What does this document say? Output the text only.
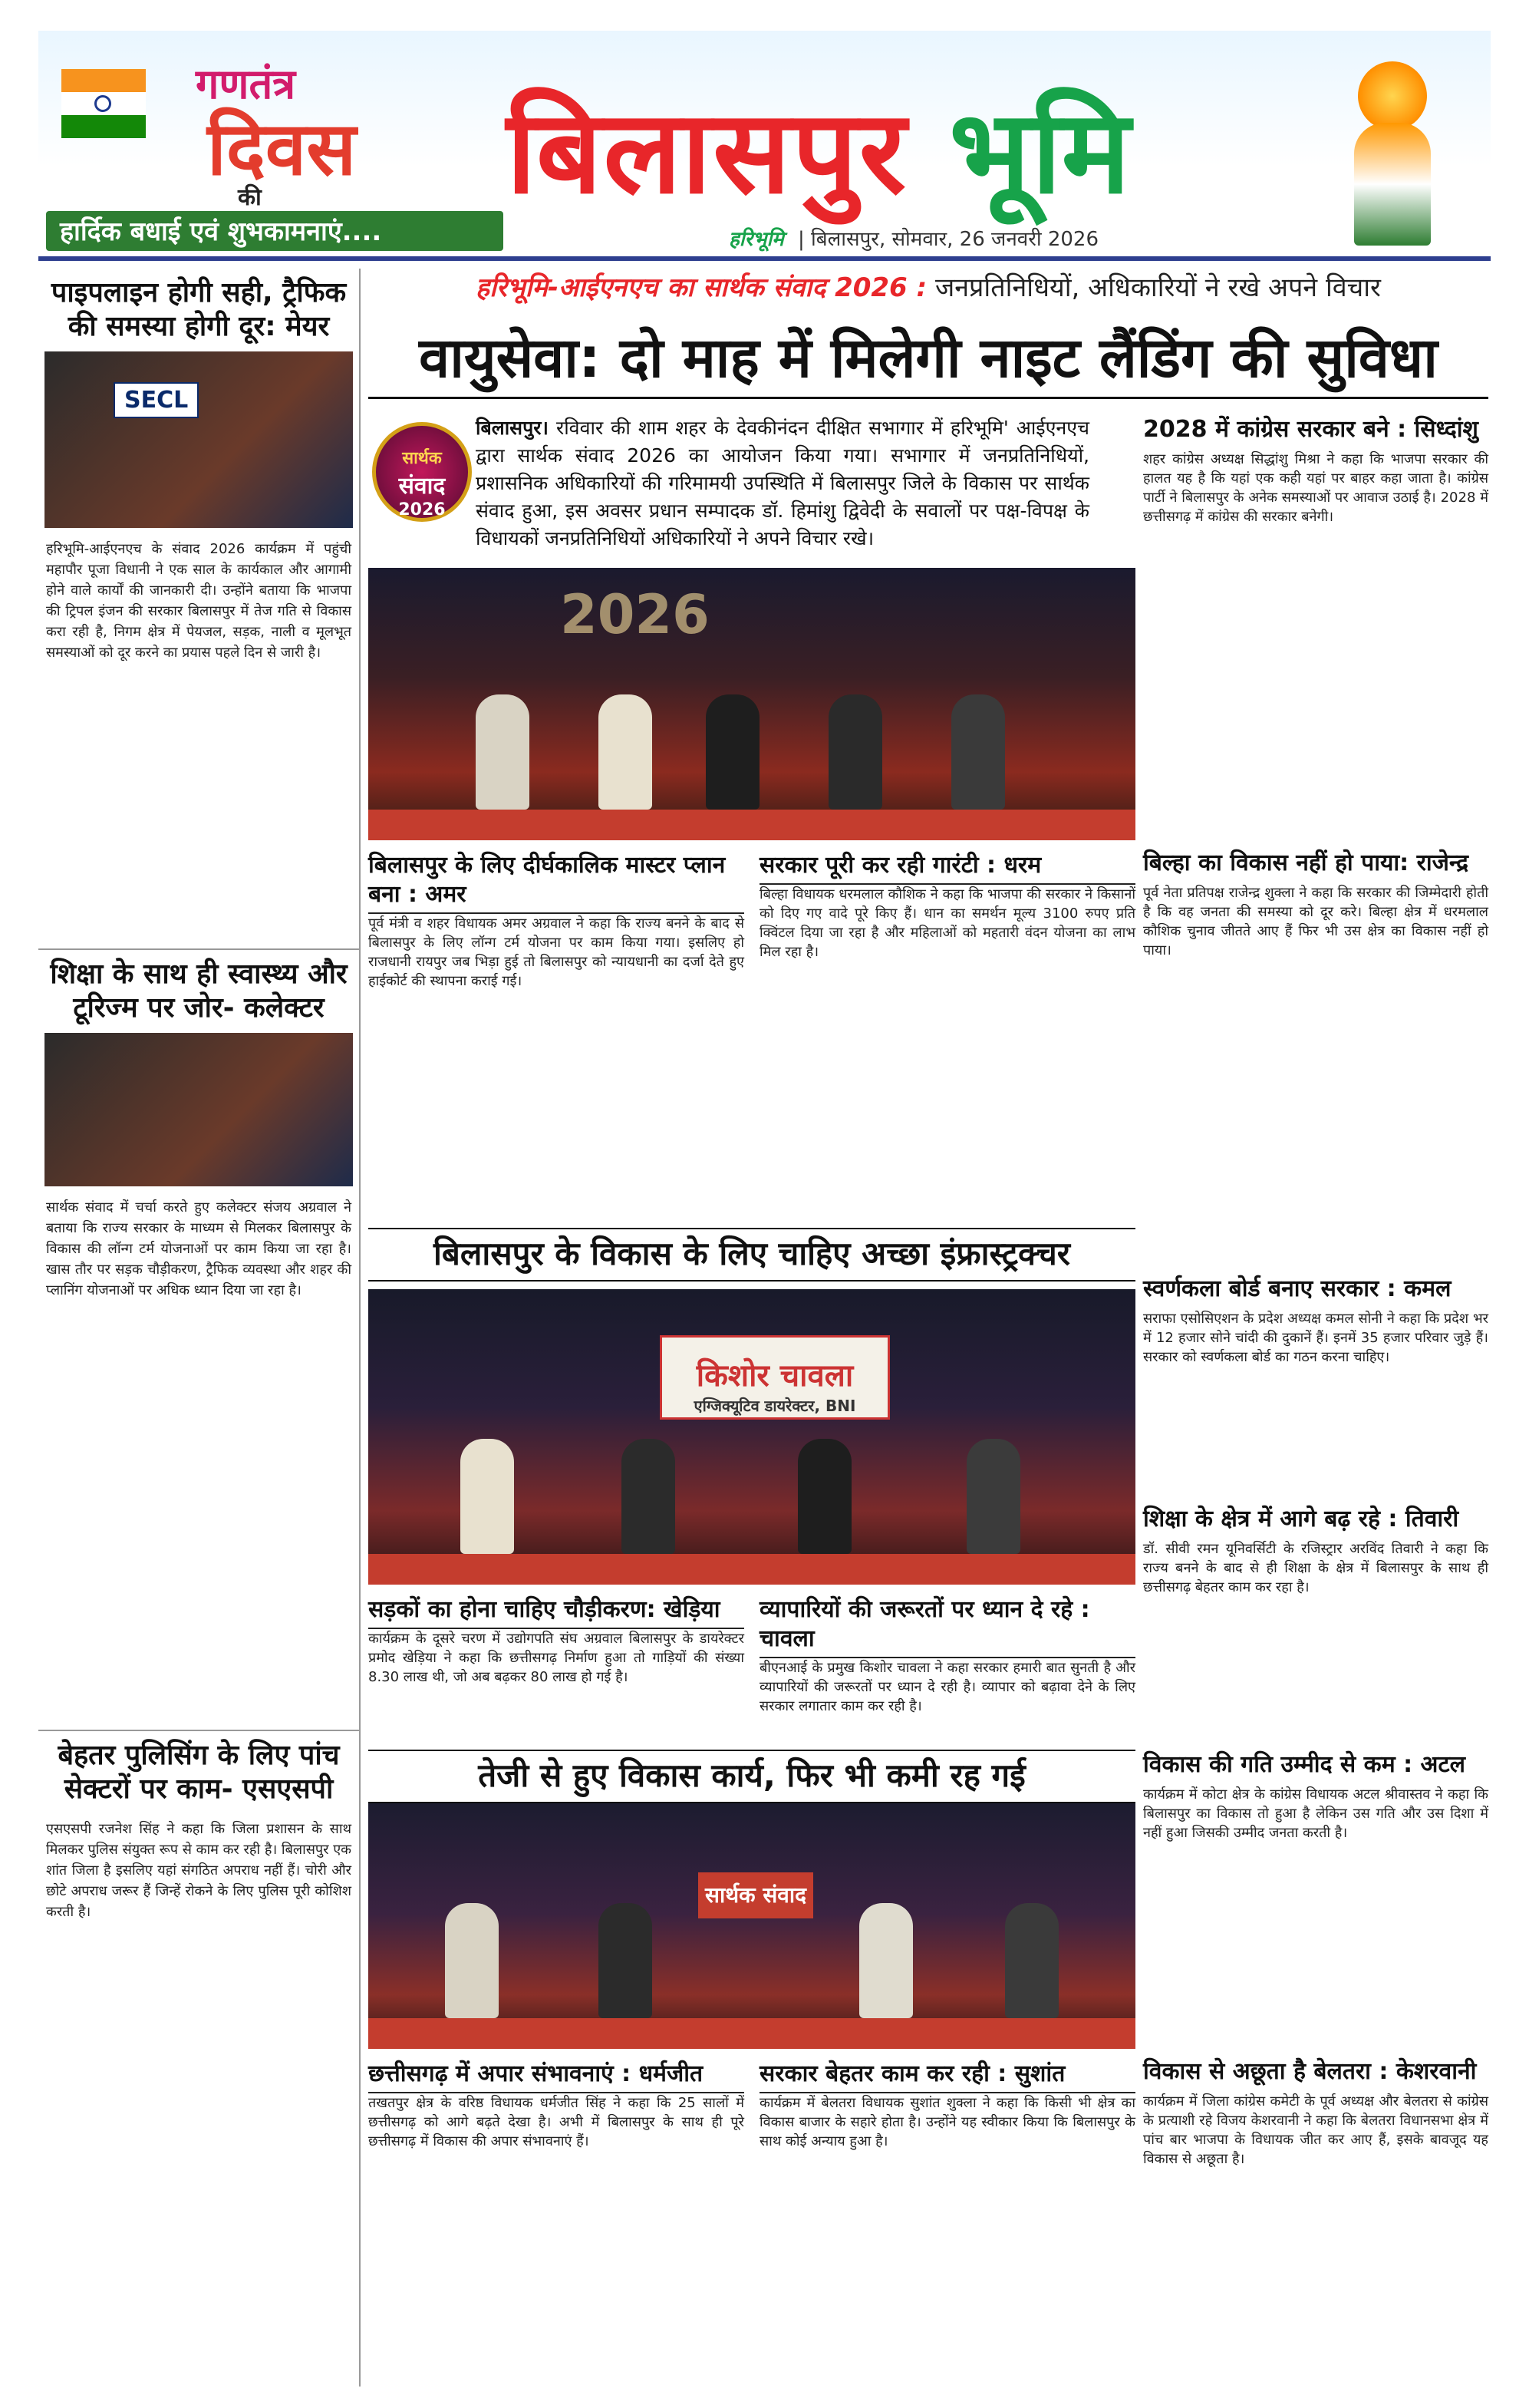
गणतंत्र
दिवस
की
हार्दिक बधाई एवं शुभकामनाएं....
बिलासपुर भूमि
हरिभूमि | बिलासपुर, सोमवार, 26 जनवरी 2026
पाइपलाइन होगी सही, ट्रैफिक की समस्या होगी दूर: मेयर
SECL
हरिभूमि-आईएनएच के संवाद 2026 कार्यक्रम में पहुंची महापौर पूजा विधानी ने एक साल के कार्यकाल और आगामी होने वाले कार्यों की जानकारी दी। उन्होंने बताया कि भाजपा की ट्रिपल इंजन की सरकार बिलासपुर में तेज गति से विकास करा रही है, निगम क्षेत्र में पेयजल, सड़क, नाली व मूलभूत समस्याओं को दूर करने का प्रयास पहले दिन से जारी है।
शिक्षा के साथ ही स्वास्थ्य और टूरिज्म पर जोर- कलेक्टर
सार्थक संवाद में चर्चा करते हुए कलेक्टर संजय अग्रवाल ने बताया कि राज्य सरकार के माध्यम से मिलकर बिलासपुर के विकास की लॉन्ग टर्म योजनाओं पर काम किया जा रहा है। खास तौर पर सड़क चौड़ीकरण, ट्रैफिक व्यवस्था और शहर की प्लानिंग योजनाओं पर अधिक ध्यान दिया जा रहा है।
बेहतर पुलिसिंग के लिए पांच सेक्टरों पर काम- एसएसपी
एसएसपी रजनेश सिंह ने कहा कि जिला प्रशासन के साथ मिलकर पुलिस संयुक्त रूप से काम कर रही है। बिलासपुर एक शांत जिला है इसलिए यहां संगठित अपराध नहीं हैं। चोरी और छोटे अपराध जरूर हैं जिन्हें रोकने के लिए पुलिस पूरी कोशिश करती है।
हरिभूमि-आईएनएच का सार्थक संवाद 2026 : जनप्रतिनिधियों, अधिकारियों ने रखे अपने विचार
वायुसेवा: दो माह में मिलेगी नाइट लैंडिंग की सुविधा
सार्थक
संवाद
2026
बिलासपुर। रविवार की शाम शहर के देवकीनंदन दीक्षित सभागार में हरिभूमि' आईएनएच द्वारा सार्थक संवाद 2026 का आयोजन किया गया। सभागार में जनप्रतिनिधियों, प्रशासनिक अधिकारियों की गरिमामयी उपस्थिति में बिलासपुर जिले के विकास पर सार्थक संवाद हुआ, इस अवसर प्रधान सम्पादक डॉ. हिमांशु द्विवेदी के सवालों पर पक्ष-विपक्ष के विधायकों जनप्रतिनिधियों अधिकारियों ने अपने विचार रखे।
2026
2028 में कांग्रेस सरकार बने : सिध्दांशु
शहर कांग्रेस अध्यक्ष सिद्धांशु मिश्रा ने कहा कि भाजपा सरकार की हालत यह है कि यहां एक कही यहां पर बाहर कहा जाता है। कांग्रेस पार्टी ने बिलासपुर के अनेक समस्याओं पर आवाज उठाई है। 2028 में छत्तीसगढ़ में कांग्रेस की सरकार बनेगी।
बिल्हा का विकास नहीं हो पाया: राजेन्द्र
पूर्व नेता प्रतिपक्ष राजेन्द्र शुक्ला ने कहा कि सरकार की जिम्मेदारी होती है कि वह जनता की समस्या को दूर करे। बिल्हा क्षेत्र में धरमलाल कौशिक चुनाव जीतते आए हैं फिर भी उस क्षेत्र का विकास नहीं हो पाया।
स्वर्णकला बोर्ड बनाए सरकार : कमल
सराफा एसोसिएशन के प्रदेश अध्यक्ष कमल सोनी ने कहा कि प्रदेश भर में 12 हजार सोने चांदी की दुकानें हैं। इनमें 35 हजार परिवार जुड़े हैं। सरकार को स्वर्णकला बोर्ड का गठन करना चाहिए।
शिक्षा के क्षेत्र में आगे बढ़ रहे : तिवारी
डॉ. सीवी रमन यूनिवर्सिटी के रजिस्ट्रार अरविंद तिवारी ने कहा कि राज्य बनने के बाद से ही शिक्षा के क्षेत्र में बिलासपुर के साथ ही छत्तीसगढ़ बेहतर काम कर रहा है।
विकास की गति उम्मीद से कम : अटल
कार्यक्रम में कोटा क्षेत्र के कांग्रेस विधायक अटल श्रीवास्तव ने कहा कि बिलासपुर का विकास तो हुआ है लेकिन उस गति और उस दिशा में नहीं हुआ जिसकी उम्मीद जनता करती है।
विकास से अछूता है बेलतरा : केशरवानी
कार्यक्रम में जिला कांग्रेस कमेटी के पूर्व अध्यक्ष और बेलतरा से कांग्रेस के प्रत्याशी रहे विजय केशरवानी ने कहा कि बेलतरा विधानसभा क्षेत्र में पांच बार भाजपा के विधायक जीत कर आए हैं, इसके बावजूद यह विकास से अछूता है।
बिलासपुर के लिए दीर्घकालिक मास्टर प्लान बना : अमर
पूर्व मंत्री व शहर विधायक अमर अग्रवाल ने कहा कि राज्य बनने के बाद से बिलासपुर के लिए लॉन्ग टर्म योजना पर काम किया गया। इसलिए हो राजधानी रायपुर जब भिड़ा हुई तो बिलासपुर को न्यायधानी का दर्जा देते हुए हाईकोर्ट की स्थापना कराई गई।
सरकार पूरी कर रही गारंटी : धरम
बिल्हा विधायक धरमलाल कौशिक ने कहा कि भाजपा की सरकार ने किसानों को दिए गए वादे पूरे किए हैं। धान का समर्थन मूल्य 3100 रुपए प्रति क्विंटल दिया जा रहा है और महिलाओं को महतारी वंदन योजना का लाभ मिल रहा है।
बिलासपुर के विकास के लिए चाहिए अच्छा इंफ्रास्ट्रक्चर
किशोर चावला
एग्जिक्यूटिव डायरेक्टर, BNI
सड़कों का होना चाहिए चौड़ीकरण: खेड़िया
कार्यक्रम के दूसरे चरण में उद्योगपति संघ अग्रवाल बिलासपुर के डायरेक्टर प्रमोद खेड़िया ने कहा कि छत्तीसगढ़ निर्माण हुआ तो गाड़ियों की संख्या 8.30 लाख थी, जो अब बढ़कर 80 लाख हो गई है।
व्यापारियों की जरूरतों पर ध्यान दे रहे : चावला
बीएनआई के प्रमुख किशोर चावला ने कहा सरकार हमारी बात सुनती है और व्यापारियों की जरूरतों पर ध्यान दे रही है। व्यापार को बढ़ावा देने के लिए सरकार लगातार काम कर रही है।
तेजी से हुए विकास कार्य, फिर भी कमी रह गई
सार्थक संवाद
छत्तीसगढ़ में अपार संभावनाएं : धर्मजीत
तखतपुर क्षेत्र के वरिष्ठ विधायक धर्मजीत सिंह ने कहा कि 25 सालों में छत्तीसगढ़ को आगे बढ़ते देखा है। अभी में बिलासपुर के साथ ही पूरे छत्तीसगढ़ में विकास की अपार संभावनाएं हैं।
सरकार बेहतर काम कर रही : सुशांत
कार्यक्रम में बेलतरा विधायक सुशांत शुक्ला ने कहा कि किसी भी क्षेत्र का विकास बाजार के सहारे होता है। उन्होंने यह स्वीकार किया कि बिलासपुर के साथ कोई अन्याय हुआ है।
